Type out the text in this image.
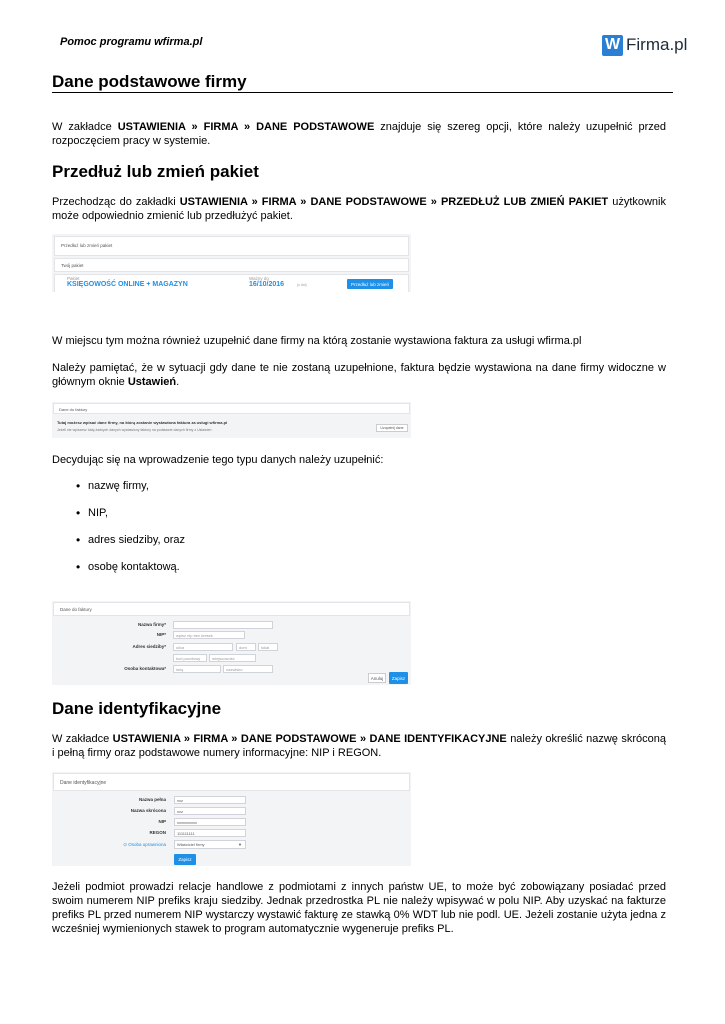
Pomoc programu wfirma.pl	W Firma.pl
Dane podstawowe firmy

W zakładce USTAWIENIA » FIRMA » DANE PODSTAWOWE znajduje się szereg opcji, które należy uzupełnić przed rozpoczęciem pracy w systemie.

Przedłuż lub zmień pakiet

Przechodząc do zakładki USTAWIENIA » FIRMA » DANE PODSTAWOWE » PRZEDŁUŻ LUB ZMIEŃ PAKIET użytkownik może odpowiednio zmienić lub przedłużyć pakiet.

Przedłuż lub zmień pakiet
Twój pakiet
Pakiet
KSIĘGOWOŚĆ ONLINE + MAGAZYN
Ważny do
16/10/2016	(x dni)	Przedłuż lub zmień

W miejscu tym można również uzupełnić dane firmy na którą zostanie wystawiona faktura za usługi wfirma.pl

Należy pamiętać, że w sytuacji gdy dane te nie zostaną uzupełnione, faktura będzie wystawiona na dane firmy widoczne w głównym oknie Ustawień.

Dane do faktury
Tutaj możesz wpisać dane firmy, na którą zostanie wystawiona faktura za usługi wfirma.pl
Jeżeli nie wpiszesz tutaj żadnych danych wystawiony faktury na podstawie danych firmy z Ustawień	Uzupełnij dane

Decydując się na wprowadzenie tego typu danych należy uzupełnić:

• nazwę firmy,
• NIP,
• adres siedziby, oraz
• osobę kontaktową.
Dane do faktury
Nazwa firmy*
NIP*	wpisz nip bez kresek
Adres siedziby*	ulica	dom	lokal
kod pocztowy	miejscowość
Osoba kontaktowa*	imię	nazwisko
Anuluj	Zapisz
Dane identyfikacyjne

W zakładce USTAWIENIA » FIRMA » DANE PODSTAWOWE » DANE IDENTYFIKACYJNE należy określić nazwę skróconą i pełną firmy oraz podstawowe numery informacyjne: NIP i REGON.

Dane identyfikacyjne
Nazwa pełna	xxz
Nazwa skrócona	xxz
NIP	xxxxxxxxxx
REGON	111111111
⊙ Osoba uprawniona	Właściciel firmy	▼
Zapisz

Jeżeli podmiot prowadzi relacje handlowe z podmiotami z innych państw UE, to może być zobowiązany posiadać przed swoim numerem NIP prefiks kraju siedziby. Jednak przedrostka PL nie należy wpisywać w polu NIP. Aby uzyskać na fakturze prefiks PL przed numerem NIP wystarczy wystawić fakturę ze stawką 0% WDT lub nie podl. UE. Jeżeli zostanie użyta jedna z wcześniej wymienionych stawek to program automatycznie wygeneruje prefiks PL.
